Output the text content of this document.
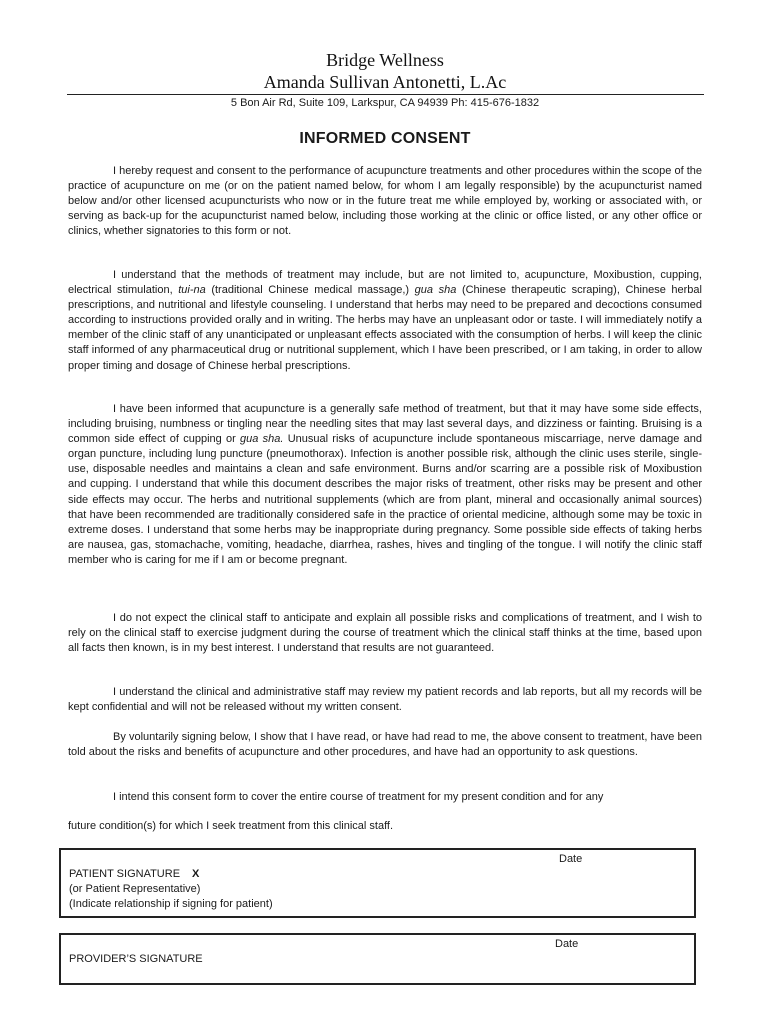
Bridge Wellness
Amanda Sullivan Antonetti, L.Ac
5 Bon Air Rd, Suite 109, Larkspur, CA 94939 Ph: 415-676-1832
INFORMED CONSENT

I hereby request and consent to the performance of acupuncture treatments and other procedures within the scope of the practice of acupuncture on me (or on the patient named below, for whom I am legally responsible) by the acupuncturist named below and/or other licensed acupuncturists who now or in the future treat me while employed by, working or associated with, or serving as back-up for the acupuncturist named below, including those working at the clinic or office listed, or any other office or clinics, whether signatories to this form or not.

I understand that the methods of treatment may include, but are not limited to, acupuncture, Moxibustion, cupping, electrical stimulation, tui-na (traditional Chinese medical massage,) gua sha (Chinese therapeutic scraping), Chinese herbal prescriptions, and nutritional and lifestyle counseling. I understand that herbs may need to be prepared and decoctions consumed according to instructions provided orally and in writing. The herbs may have an unpleasant odor or taste. I will immediately notify a member of the clinic staff of any unanticipated or unpleasant effects associated with the consumption of herbs. I will keep the clinic staff informed of any pharmaceutical drug or nutritional supplement, which I have been prescribed, or I am taking, in order to allow proper timing and dosage of Chinese herbal prescriptions.

I have been informed that acupuncture is a generally safe method of treatment, but that it may have some side effects, including bruising, numbness or tingling near the needling sites that may last several days, and dizziness or fainting. Bruising is a common side effect of cupping or gua sha. Unusual risks of acupuncture include spontaneous miscarriage, nerve damage and organ puncture, including lung puncture (pneumothorax). Infection is another possible risk, although the clinic uses sterile, single-use, disposable needles and maintains a clean and safe environment. Burns and/or scarring are a possible risk of Moxibustion and cupping. I understand that while this document describes the major risks of treatment, other risks may be present and other side effects may occur. The herbs and nutritional supplements (which are from plant, mineral and occasionally animal sources) that have been recommended are traditionally considered safe in the practice of oriental medicine, although some may be toxic in extreme doses. I understand that some herbs may be inappropriate during pregnancy. Some possible side effects of taking herbs are nausea, gas, stomachache, vomiting, headache, diarrhea, rashes, hives and tingling of the tongue. I will notify the clinic staff member who is caring for me if I am or become pregnant.

I do not expect the clinical staff to anticipate and explain all possible risks and complications of treatment, and I wish to rely on the clinical staff to exercise judgment during the course of treatment which the clinical staff thinks at the time, based upon all facts then known, is in my best interest. I understand that results are not guaranteed.

I understand the clinical and administrative staff may review my patient records and lab reports, but all my records will be kept confidential and will not be released without my written consent.

By voluntarily signing below, I show that I have read, or have had read to me, the above consent to treatment, have been told about the risks and benefits of acupuncture and other procedures, and have had an opportunity to ask questions.

I intend this consent form to cover the entire course of treatment for my present condition and for any

future condition(s) for which I seek treatment from this clinical staff.

Date
PATIENT SIGNATURE X
(or Patient Representative)
(Indicate relationship if signing for patient)
Date
PROVIDER’S SIGNATURE
